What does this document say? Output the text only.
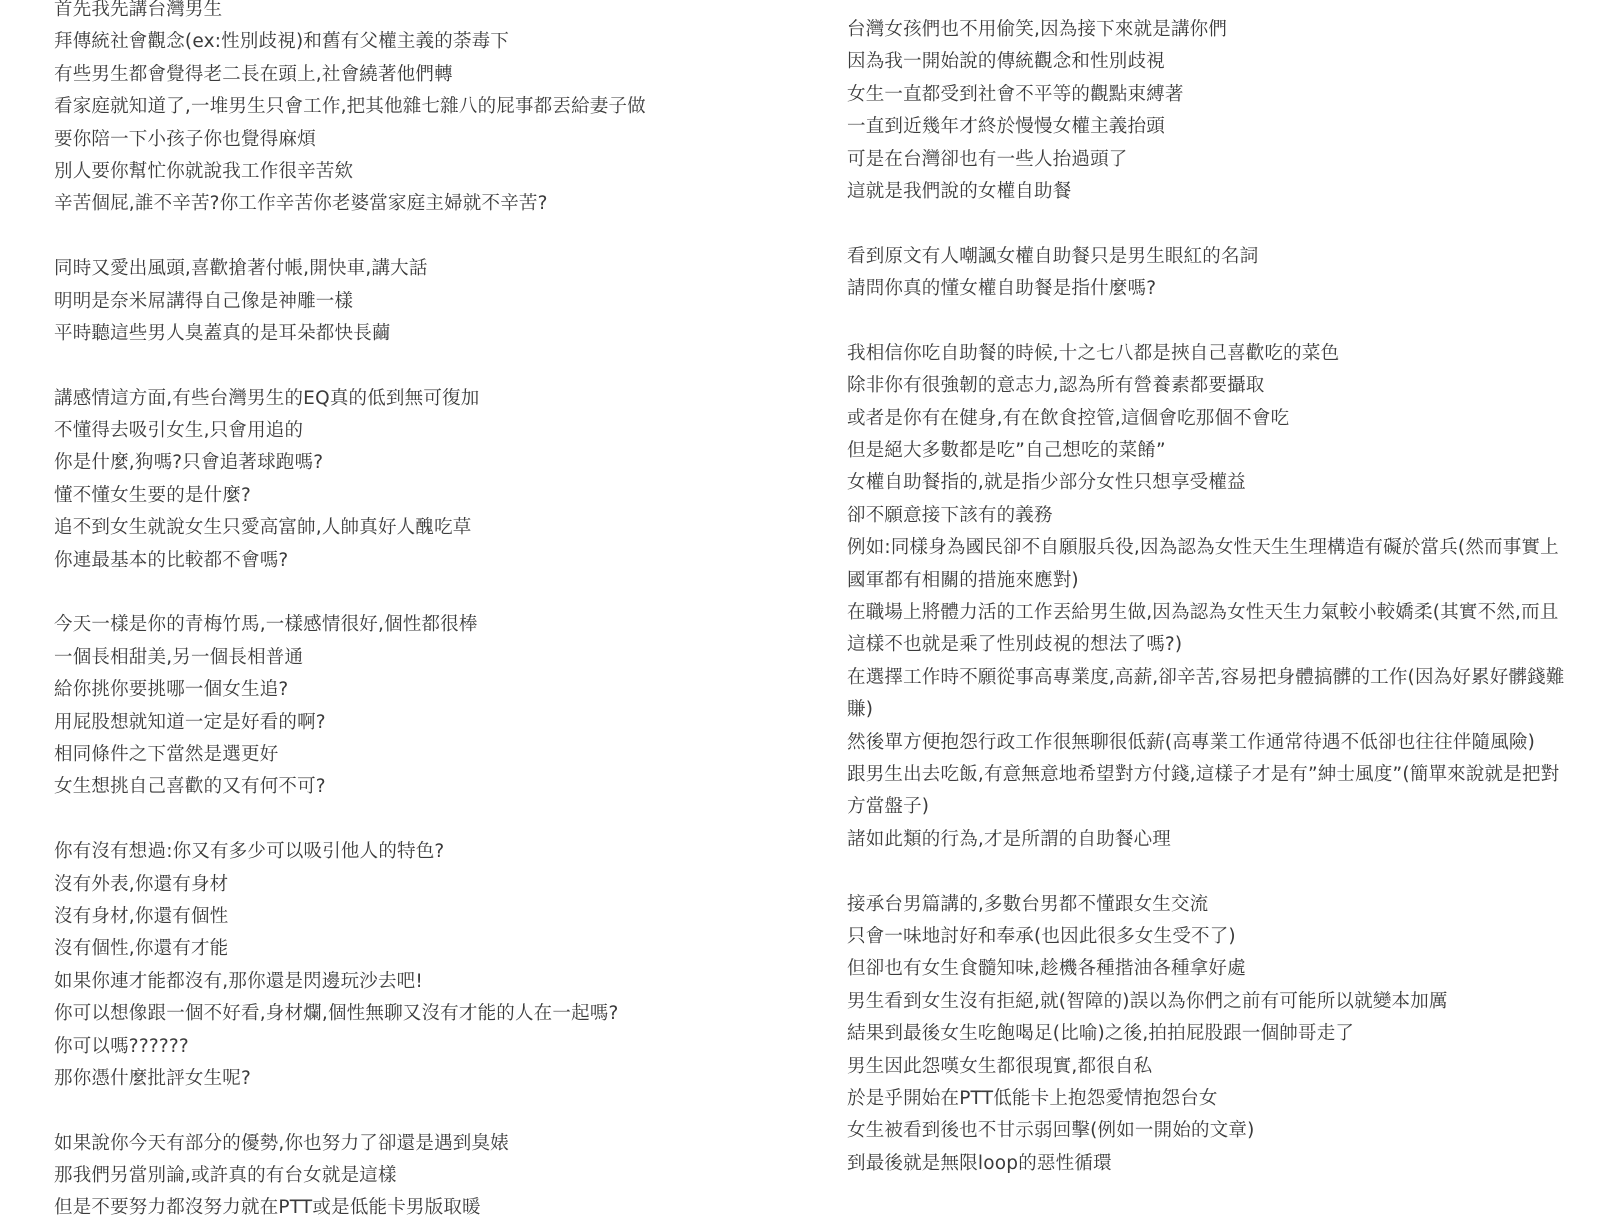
首先我先講台灣男生
拜傳統社會觀念(ex:性別歧視)和舊有父權主義的荼毒下
有些男生都會覺得老二長在頭上,社會繞著他們轉
看家庭就知道了,一堆男生只會工作,把其他雜七雜八的屁事都丟給妻子做
要你陪一下小孩子你也覺得麻煩
別人要你幫忙你就說我工作很辛苦欸
辛苦個屁,誰不辛苦?你工作辛苦你老婆當家庭主婦就不辛苦?
同時又愛出風頭,喜歡搶著付帳,開快車,講大話
明明是奈米屌講得自己像是神雕一樣
平時聽這些男人臭蓋真的是耳朵都快長繭
講感情這方面,有些台灣男生的EQ真的低到無可復加
不懂得去吸引女生,只會用追的
你是什麼,狗嗎?只會追著球跑嗎?
懂不懂女生要的是什麼?
追不到女生就說女生只愛高富帥,人帥真好人醜吃草
你連最基本的比較都不會嗎?
今天一樣是你的青梅竹馬,一樣感情很好,個性都很棒
一個長相甜美,另一個長相普通
給你挑你要挑哪一個女生追?
用屁股想就知道一定是好看的啊?
相同條件之下當然是選更好
女生想挑自己喜歡的又有何不可?
你有沒有想過:你又有多少可以吸引他人的特色?
沒有外表,你還有身材
沒有身材,你還有個性
沒有個性,你還有才能
如果你連才能都沒有,那你還是閃邊玩沙去吧!
你可以想像跟一個不好看,身材爛,個性無聊又沒有才能的人在一起嗎?
你可以嗎??????
那你憑什麼批評女生呢?
如果說你今天有部分的優勢,你也努力了卻還是遇到臭婊
那我們另當別論,或許真的有台女就是這樣
但是不要努力都沒努力就在PTT或是低能卡男版取暖
台灣女孩們也不用偷笑,因為接下來就是講你們
因為我一開始說的傳統觀念和性別歧視
女生一直都受到社會不平等的觀點束縛著
一直到近幾年才終於慢慢女權主義抬頭
可是在台灣卻也有一些人抬過頭了
這就是我們說的女權自助餐
看到原文有人嘲諷女權自助餐只是男生眼紅的名詞
請問你真的懂女權自助餐是指什麼嗎?
我相信你吃自助餐的時候,十之七八都是挾自己喜歡吃的菜色
除非你有很強韌的意志力,認為所有營養素都要攝取
或者是你有在健身,有在飲食控管,這個會吃那個不會吃
但是絕大多數都是吃”自己想吃的菜餚”
女權自助餐指的,就是指少部分女性只想享受權益
卻不願意接下該有的義務
例如:同樣身為國民卻不自願服兵役,因為認為女性天生生理構造有礙於當兵(然而事實上國軍都有相關的措施來應對)
在職場上將體力活的工作丟給男生做,因為認為女性天生力氣較小較嬌柔(其實不然,而且這樣不也就是乘了性別歧視的想法了嗎?)
在選擇工作時不願從事高專業度,高薪,卻辛苦,容易把身體搞髒的工作(因為好累好髒錢難賺)
然後單方便抱怨行政工作很無聊很低薪(高專業工作通常待遇不低卻也往往伴隨風險)
跟男生出去吃飯,有意無意地希望對方付錢,這樣子才是有”紳士風度”(簡單來說就是把對方當盤子)
諸如此類的行為,才是所謂的自助餐心理
接承台男篇講的,多數台男都不懂跟女生交流
只會一味地討好和奉承(也因此很多女生受不了)
但卻也有女生食髓知味,趁機各種揩油各種拿好處
男生看到女生沒有拒絕,就(智障的)誤以為你們之前有可能所以就變本加厲
結果到最後女生吃飽喝足(比喻)之後,拍拍屁股跟一個帥哥走了
男生因此怨嘆女生都很現實,都很自私
於是乎開始在PTT低能卡上抱怨愛情抱怨台女
女生被看到後也不甘示弱回擊(例如一開始的文章)
到最後就是無限loop的惡性循環
